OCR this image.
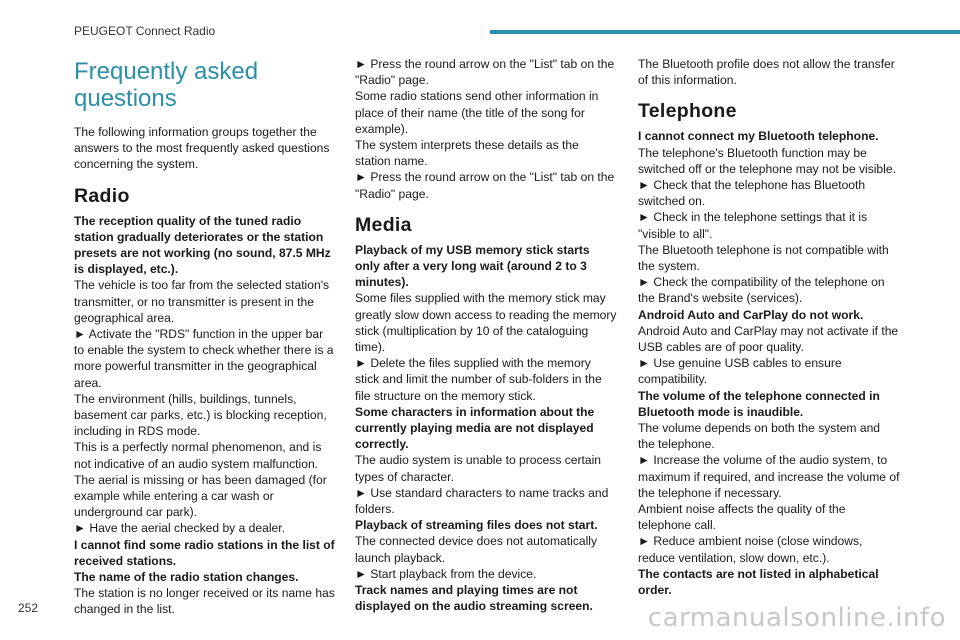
PEUGEOT Connect Radio
Frequently asked questions

The following information groups together the answers to the most frequently asked questions concerning the system.

Radio

The reception quality of the tuned radio station gradually deteriorates or the station presets are not working (no sound, 87.5 MHz is displayed, etc.).

The vehicle is too far from the selected station's transmitter, or no transmitter is present in the geographical area.

► Activate the "RDS" function in the upper bar to enable the system to check whether there is a more powerful transmitter in the geographical area.

The environment (hills, buildings, tunnels, basement car parks, etc.) is blocking reception, including in RDS mode.

This is a perfectly normal phenomenon, and is not indicative of an audio system malfunction.

The aerial is missing or has been damaged (for example while entering a car wash or underground car park).

► Have the aerial checked by a dealer.

I cannot find some radio stations in the list of received stations.

The name of the radio station changes.

The station is no longer received or its name has changed in the list.

► Press the round arrow on the "List" tab on the "Radio" page.

Some radio stations send other information in place of their name (the title of the song for example).

The system interprets these details as the station name.

► Press the round arrow on the "List" tab on the "Radio" page.

Media

Playback of my USB memory stick starts only after a very long wait (around 2 to 3 minutes).

Some files supplied with the memory stick may greatly slow down access to reading the memory stick (multiplication by 10 of the cataloguing time).

► Delete the files supplied with the memory stick and limit the number of sub-folders in the file structure on the memory stick.

Some characters in information about the currently playing media are not displayed correctly.

The audio system is unable to process certain types of character.

► Use standard characters to name tracks and folders.

Playback of streaming files does not start.

The connected device does not automatically launch playback.

► Start playback from the device.

Track names and playing times are not displayed on the audio streaming screen.

The Bluetooth profile does not allow the transfer of this information.

Telephone

I cannot connect my Bluetooth telephone.

The telephone's Bluetooth function may be switched off or the telephone may not be visible.

► Check that the telephone has Bluetooth switched on.

► Check in the telephone settings that it is "visible to all".

The Bluetooth telephone is not compatible with the system.

► Check the compatibility of the telephone on the Brand's website (services).

Android Auto and CarPlay do not work.

Android Auto and CarPlay may not activate if the USB cables are of poor quality.

► Use genuine USB cables to ensure compatibility.

The volume of the telephone connected in Bluetooth mode is inaudible.

The volume depends on both the system and the telephone.

► Increase the volume of the audio system, to maximum if required, and increase the volume of the telephone if necessary.

Ambient noise affects the quality of the telephone call.

► Reduce ambient noise (close windows, reduce ventilation, slow down, etc.).

The contacts are not listed in alphabetical order.

252	carmanualsonline.info
